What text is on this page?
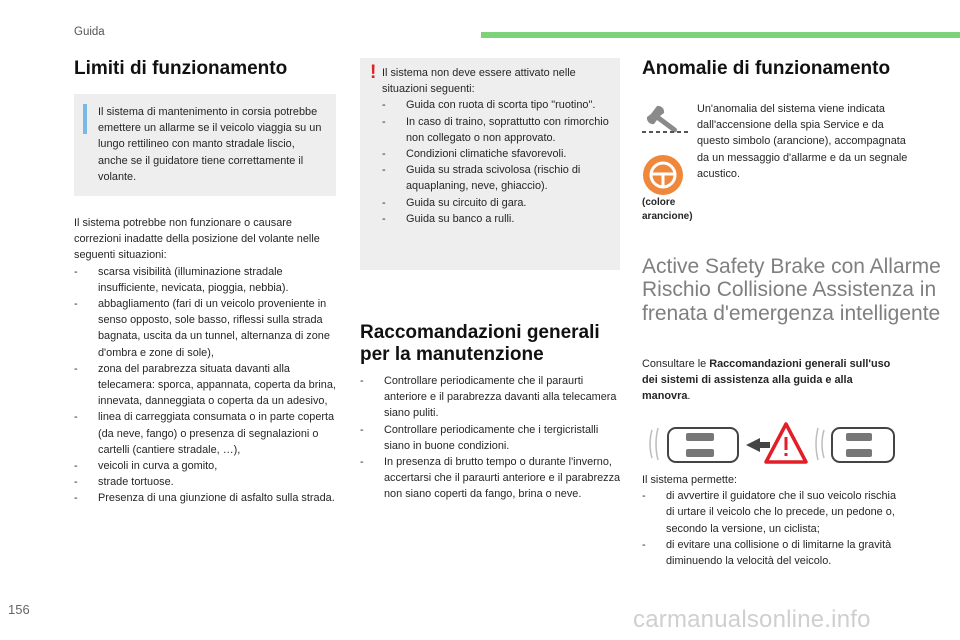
Guida
Limiti di funzionamento
Il sistema di mantenimento in corsia potrebbe emettere un allarme se il veicolo viaggia su un lungo rettilineo con manto stradale liscio, anche se il guidatore tiene correttamente il volante.
Il sistema potrebbe non funzionare o causare correzioni inadatte della posizione del volante nelle seguenti situazioni:
- scarsa visibilità (illuminazione stradale insufficiente, nevicata, pioggia, nebbia).
- abbagliamento (fari di un veicolo proveniente in senso opposto, sole basso, riflessi sulla strada bagnata, uscita da un tunnel, alternanza di zone d'ombra e zone di sole),
- zona del parabrezza situata davanti alla telecamera: sporca, appannata, coperta da brina, innevata, danneggiata o coperta da un adesivo,
- linea di carreggiata consumata o in parte coperta (da neve, fango) o presenza di segnalazioni o cartelli (cantiere stradale, …),
- veicoli in curva a gomito,
- strade tortuose.
- Presenza di una giunzione di asfalto sulla strada.
! Il sistema non deve essere attivato nelle situazioni seguenti:
- Guida con ruota di scorta tipo "ruotino".
- In caso di traino, soprattutto con rimorchio non collegato o non approvato.
- Condizioni climatiche sfavorevoli.
- Guida su strada scivolosa (rischio di aquaplaning, neve, ghiaccio).
- Guida su circuito di gara.
- Guida su banco a rulli.
Raccomandazioni generali
per la manutenzione
- Controllare periodicamente che il paraurti anteriore e il parabrezza davanti alla telecamera siano puliti.
- Controllare periodicamente che i tergicristalli siano in buone condizioni.
- In presenza di brutto tempo o durante l'inverno, accertarsi che il paraurti anteriore e il parabrezza non siano coperti da fango, brina o neve.
Anomalie di funzionamento
(colore
arancione)
Un'anomalia del sistema viene indicata dall'accensione della spia Service e da questo simbolo (arancione), accompagnata da un messaggio d'allarme e da un segnale acustico.
Active Safety Brake con Allarme Rischio Collisione Assistenza in frenata d'emergenza intelligente
Consultare le Raccomandazioni generali sull'uso dei sistemi di assistenza alla guida e alla manovra.
Il sistema permette:
- di avvertire il guidatore che il suo veicolo rischia di urtare il veicolo che lo precede, un pedone o, secondo la versione, un ciclista;
- di evitare una collisione o di limitarne la gravità diminuendo la velocità del veicolo.
156	carmanualsonline.info
